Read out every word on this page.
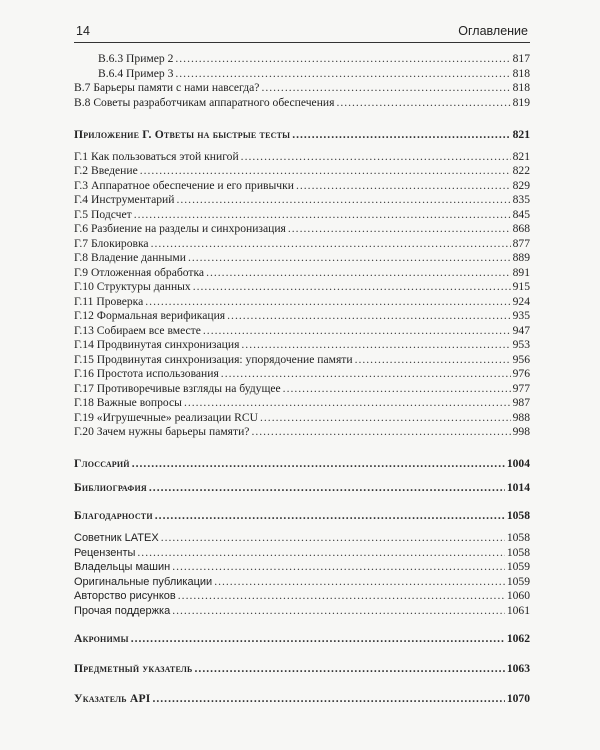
14	Оглавление
В.6.3 Пример 2 .....	817
В.6.4 Пример 3 .....	818
В.7 Барьеры памяти с нами навсегда? .....	818
В.8 Советы разработчикам аппаратного обеспечения .....	819
Приложение Г. Ответы на быстрые тесты .....	821
Г.1 Как пользоваться этой книгой .....	821
Г.2 Введение .....	822
Г.3 Аппаратное обеспечение и его привычки .....	829
Г.4 Инструментарий .....	835
Г.5 Подсчет .....	845
Г.6 Разбиение на разделы и синхронизация .....	868
Г.7 Блокировка .....	877
Г.8 Владение данными .....	889
Г.9 Отложенная обработка .....	891
Г.10 Структуры данных .....	915
Г.11 Проверка .....	924
Г.12 Формальная верификация .....	935
Г.13 Собираем все вместе .....	947
Г.14 Продвинутая синхронизация .....	953
Г.15 Продвинутая синхронизация: упорядочение памяти .....	956
Г.16 Простота использования .....	976
Г.17 Противоречивые взгляды на будущее .....	977
Г.18 Важные вопросы .....	987
Г.19 «Игрушечные» реализации RCU .....	988
Г.20 Зачем нужны барьеры памяти? .....	998
Глоссарий .....	1004
Библиография .....	1014
Благодарности .....	1058
Советник LATEX .....	1058
Рецензенты .....	1058
Владельцы машин .....	1059
Оригинальные публикации .....	1059
Авторство рисунков .....	1060
Прочая поддержка .....	1061
Акронимы .....	1062
Предметный указатель .....	1063
Указатель API .....	1070
